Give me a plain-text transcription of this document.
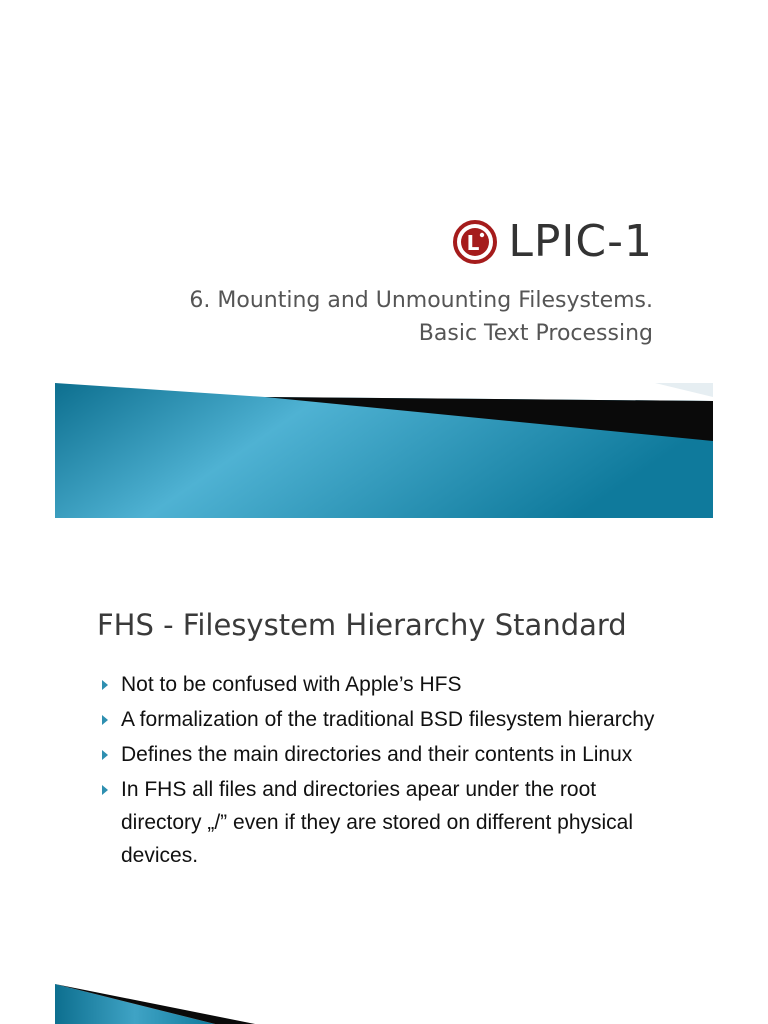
L LPIC-1
6. Mounting and Unmounting Filesystems.
Basic Text Processing
FHS - Filesystem Hierarchy Standard
Not to be confused with Apple’s HFS
A formalization of the traditional BSD filesystem hierarchy
Defines the main directories and their contents in Linux
In FHS all files and directories apear under the root directory „/” even if they are stored on different physical devices.
